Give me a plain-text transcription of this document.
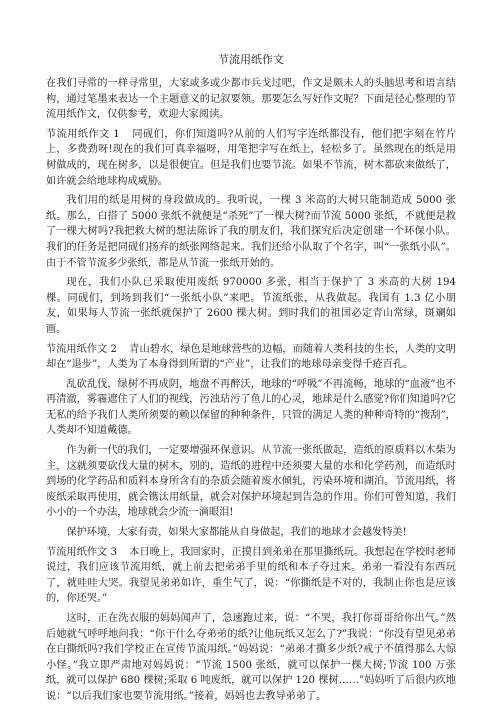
节流用纸作文
在我们寻常的一样寻常里，大家或多或少都市兵戈过吧，作文是颇未人的头脑思考和语言结构，通过笔墨来表达一个主题意义的记叙要领。那要怎么写好作文呢？下面是径心整理的节流用纸作文，仅供参考，欢迎大家阅读。
节流用纸作文 1 同砚们，你们知道吗?从前的人们写字连纸都没有，他们把字刻在竹片上，多费劲呀!现在的我们可真幸福呀，用笔把字写在纸上，轻松多了。虽然现在的纸是用树做成的，现在树多，以是很便宜。但是我们也要节流。如果不节流，树木都砍来做纸了，如许就会给地球构成威胁。
我们用的纸是用树的身段做成的。我听说，一棵 3 米高的大树只能制造成 5000 张纸。那么，白搭了 5000 张纸不就便是“杀死”了一棵大树?而节流 5000 张纸，不就便是救了一棵大树吗?我把救大树的想法陈诉了我的朋友们，我们探究后决定创建一个环保小队。我们的任务是把同砚们扬弃的纸张网络起来。我们还给小队取了个名字，叫“一张纸小队”。由于不管节流多少张纸，都是从节流一张纸开始的。
现在，我们小队已采取使用废纸 970000 多张，相当于保护了 3 米高的大树 194 棵。同砚们，到场到我们“一张纸小队”来吧。节流纸张，从我做起。我国有 1.3 亿小朋友，如果每人节流一张纸就保护了 2600 棵大树。到时我们的祖国必定青山常绿，斑斓如画。
节流用纸作文 2 青山碧水，绿色是地球营些的边幅，而随着人类科技的生长，人类的文明却在“退步”，人类为了本身得到所谓的“产业”，让我们的地球母亲变得千疮百孔。
乱砍乱伐，绿树不再成阴，地盘不再醉沃，地球的“呼吸”不再流畅，地球的“血液”也不再清澈，雾霾遮住了人们的视线，污浊玷污了鱼儿的心灵，地球是什么感觉?你们知道吗?它无私的给予我们人类所须要的赖以保留的种种条件，只管的满足人类的种种奇特的“搜刮”，人类却不知道戴德。
作为新一代的我们，一定要增强环保意识。从节流一张纸做起，造纸的原质料以木柴为主，这就须要砍伐大量的树木，别的，造纸的进程中还须要大量的水和化学药剂，而造纸时到场的化学药品和质料本身所含有的杂质会随着废水倾轧，污染环境和湖泊。节流用纸，将废纸采取再使用，就会镌汰用纸量，就会对保护环境起到告急的作用。你们可曾知道，我们小小的一个办法，地球就会少流一滴眼泪!
保护环境，大家有责，如果大家都能从自身做起，我们的地球才会越发特美!
节流用纸作文 3 本日晚上，我回家时，正摸目到弟弟在那里撕纸玩。我想起在学校时老师说过，我们应该节流用纸，就上前去把弟弟手里的纸和本子夺过来。弟弟一看没有东西玩了，就哇哇大哭。我望见弟弟如许，重生气了，说：“你撕纸是不对的，我制止你也是应该的，你还哭。”
这时，正在洗衣服的妈妈闻声了，急速跑过来，说：“不哭，我打你哥哥给你出气。”然后她就气呼呼地问我：“你干什么夺弟弟的纸?让他玩纸又怎么了?”我说：“你没有望见弟弟在白撕纸吗?我们学校正在宣传节流用纸。”妈妈说：“弟弟才撕多少纸?戒子不值得那么大惊小怪。”我立即严肃地对妈妈说：“节流 1500 张纸，就可以保护一棵大树;节流 100 万张纸，就可以保护 680 棵树;采取 6 吨废纸，就可以保护 120 棵树……”妈妈听了后很内疚地说：“以后我们家也要节流用纸。”接着，妈妈也去教导弟弟了。
